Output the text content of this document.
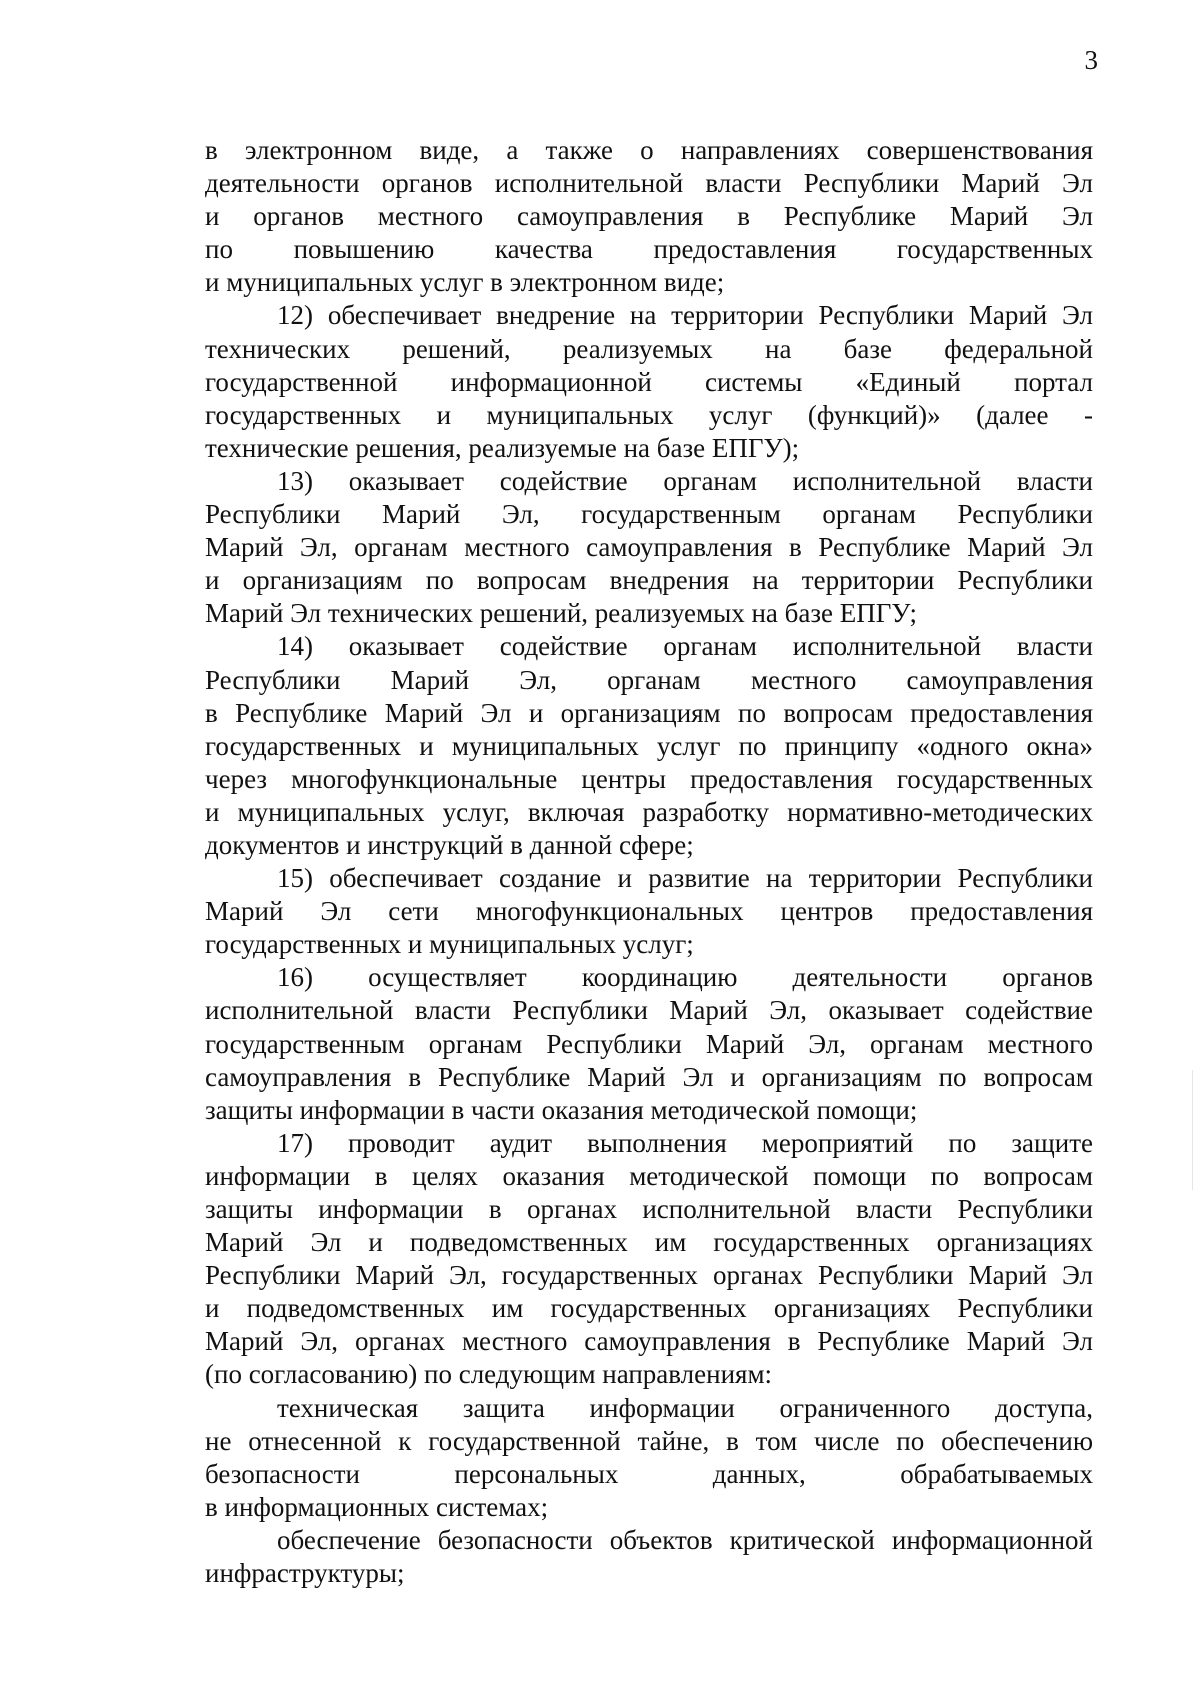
3
в электронном виде, а также о направлениях совершенствования
деятельности органов исполнительной власти Республики Марий Эл
и органов местного самоуправления в Республике Марий Эл
по повышению качества предоставления государственных
и муниципальных услуг в электронном виде;
12) обеспечивает внедрение на территории Республики Марий Эл
технических решений, реализуемых на базе федеральной
государственной информационной системы «Единый портал
государственных и муниципальных услуг (функций)» (далее -
технические решения, реализуемые на базе ЕПГУ);
13) оказывает содействие органам исполнительной власти
Республики Марий Эл, государственным органам Республики
Марий Эл, органам местного самоуправления в Республике Марий Эл
и организациям по вопросам внедрения на территории Республики
Марий Эл технических решений, реализуемых на базе ЕПГУ;
14) оказывает содействие органам исполнительной власти
Республики Марий Эл, органам местного самоуправления
в Республике Марий Эл и организациям по вопросам предоставления
государственных и муниципальных услуг по принципу «одного окна»
через многофункциональные центры предоставления государственных
и муниципальных услуг, включая разработку нормативно-методических
документов и инструкций в данной сфере;
15) обеспечивает создание и развитие на территории Республики
Марий Эл сети многофункциональных центров предоставления
государственных и муниципальных услуг;
16) осуществляет координацию деятельности органов
исполнительной власти Республики Марий Эл, оказывает содействие
государственным органам Республики Марий Эл, органам местного
самоуправления в Республике Марий Эл и организациям по вопросам
защиты информации в части оказания методической помощи;
17) проводит аудит выполнения мероприятий по защите
информации в целях оказания методической помощи по вопросам
защиты информации в органах исполнительной власти Республики
Марий Эл и подведомственных им государственных организациях
Республики Марий Эл, государственных органах Республики Марий Эл
и подведомственных им государственных организациях Республики
Марий Эл, органах местного самоуправления в Республике Марий Эл
(по согласованию) по следующим направлениям:
техническая защита информации ограниченного доступа,
не отнесенной к государственной тайне, в том числе по обеспечению
безопасности персональных данных, обрабатываемых
в информационных системах;
обеспечение безопасности объектов критической информационной
инфраструктуры;
